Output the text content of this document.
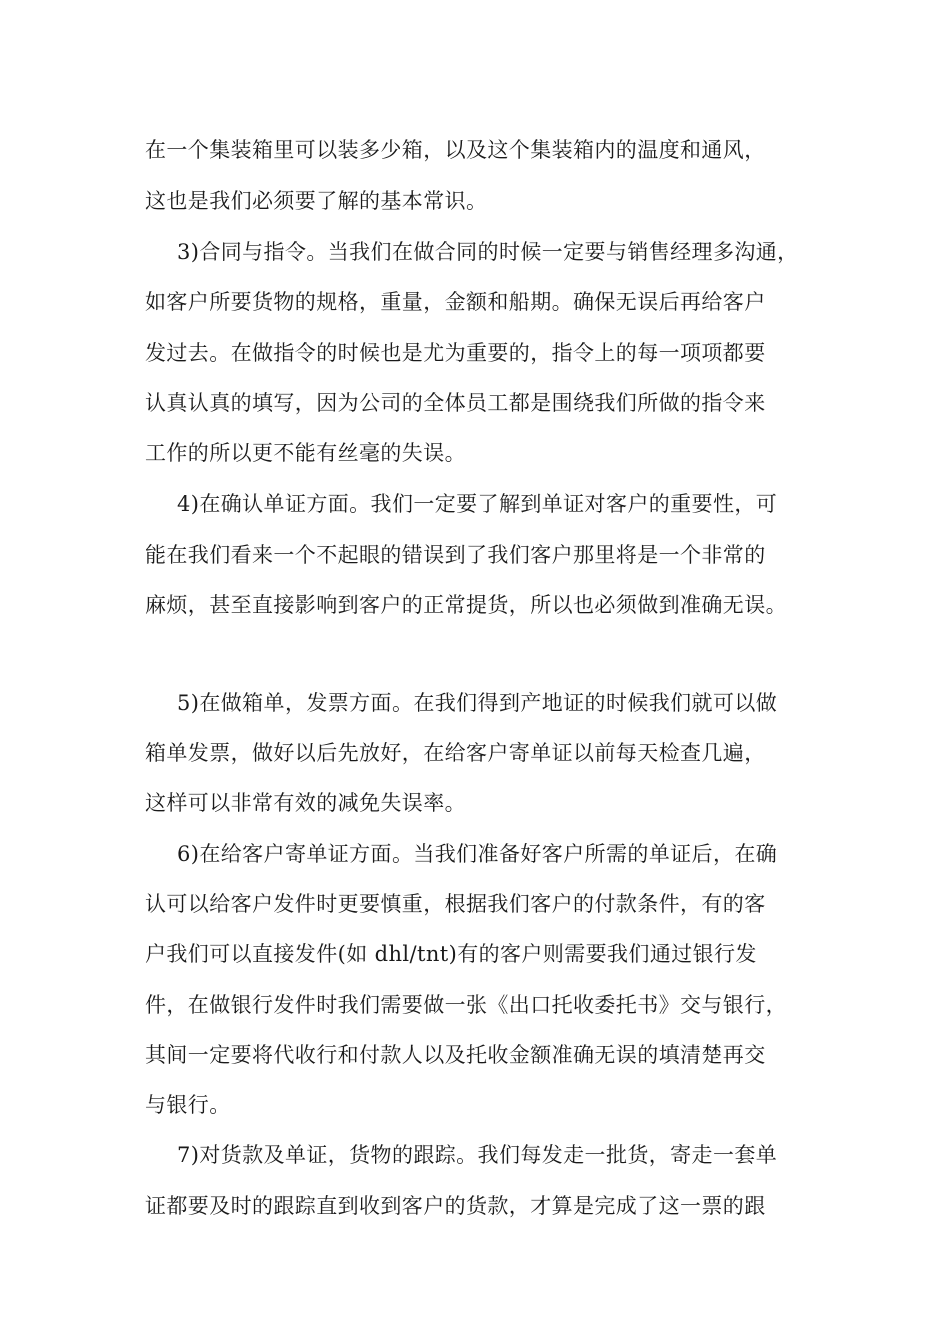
在一个集装箱里可以装多少箱，以及这个集装箱内的温度和通风，
这也是我们必须要了解的基本常识。
3)合同与指令。当我们在做合同的时候一定要与销售经理多沟通，
如客户所要货物的规格，重量，金额和船期。确保无误后再给客户
发过去。在做指令的时候也是尤为重要的，指令上的每一项项都要
认真认真的填写，因为公司的全体员工都是围绕我们所做的指令来
工作的所以更不能有丝毫的失误。
4)在确认单证方面。我们一定要了解到单证对客户的重要性，可
能在我们看来一个不起眼的错误到了我们客户那里将是一个非常的
麻烦，甚至直接影响到客户的正常提货，所以也必须做到准确无误。
5)在做箱单，发票方面。在我们得到产地证的时候我们就可以做
箱单发票，做好以后先放好，在给客户寄单证以前每天检查几遍，
这样可以非常有效的减免失误率。
6)在给客户寄单证方面。当我们准备好客户所需的单证后，在确
认可以给客户发件时更要慎重，根据我们客户的付款条件，有的客
户我们可以直接发件(如 dhl/tnt)有的客户则需要我们通过银行发
件，在做银行发件时我们需要做一张《出口托收委托书》交与银行，
其间一定要将代收行和付款人以及托收金额准确无误的填清楚再交
与银行。
7)对货款及单证，货物的跟踪。我们每发走一批货，寄走一套单
证都要及时的跟踪直到收到客户的货款，才算是完成了这一票的跟
